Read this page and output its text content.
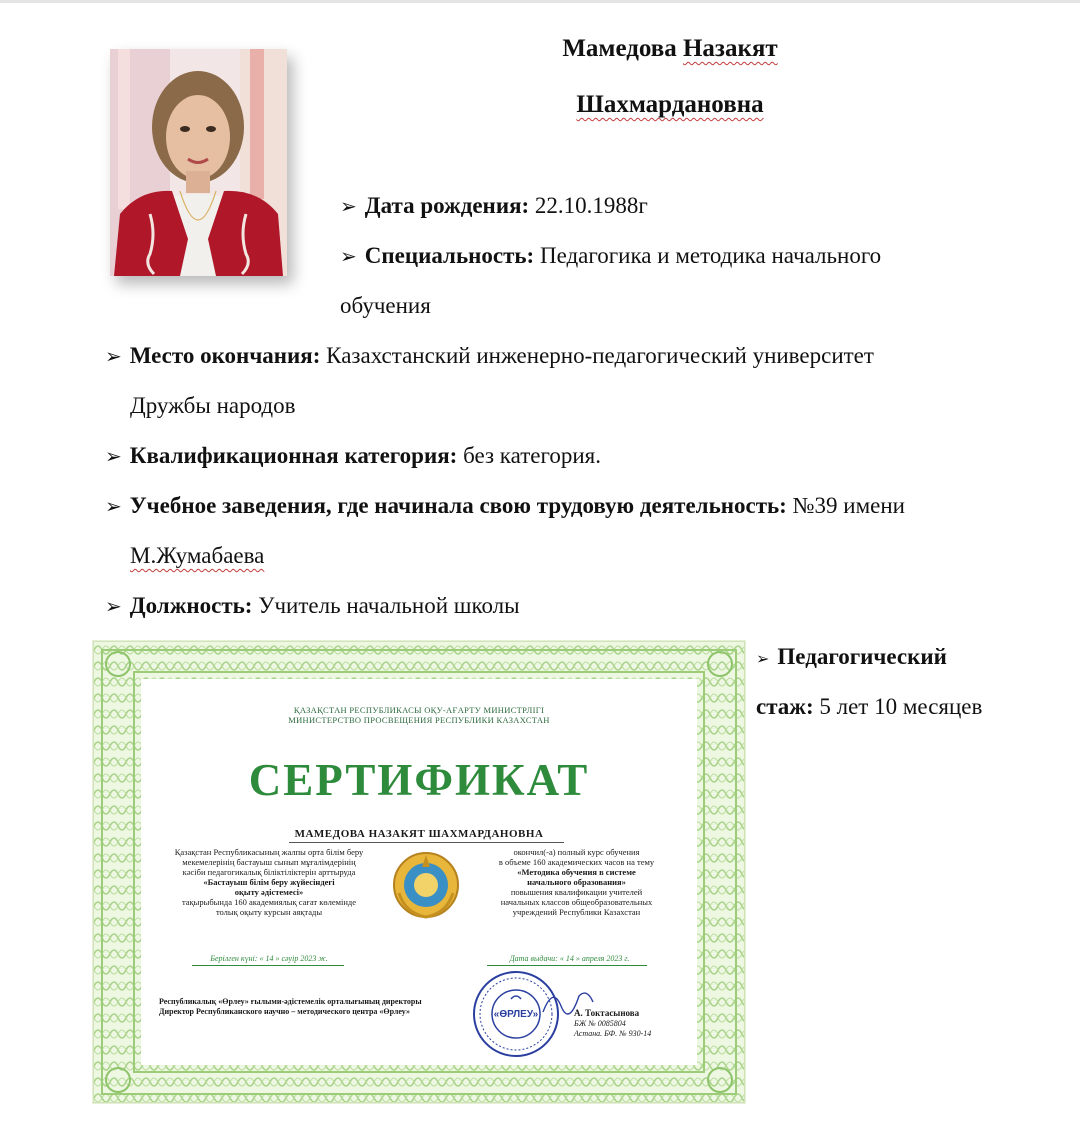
Мамедова Назакят
Шахмардановна
➢ Дата рождения: 22.10.1988г
➢ Специальность: Педагогика и методика начального
обучения
➢ Место окончания: Казахстанский инженерно-педагогический университет
Дружбы народов
➢ Квалификационная категория: без категория.
➢ Учебное заведения, где начинала свою трудовую деятельность: №39 имени
М.Жумабаева
➢ Должность: Учитель начальной школы
➢ Педагогический
стаж: 5 лет 10 месяцев
ҚАЗАҚСТАН РЕСПУБЛИКАСЫ ОҚУ-АҒАРТУ МИНИСТРЛІГІ
МИНИСТЕРСТВО ПРОСВЕЩЕНИЯ РЕСПУБЛИКИ КАЗАХСТАН
СЕРТИФИКАТ
МАМЕДОВА НАЗАКЯТ ШАХМАРДАНОВНА
Қазақстан Республикасының жалпы орта білім беру
мекемелерінің бастауыш сынып мұғалімдерінің
кәсіби педагогикалық біліктіліктерін арттыруда
«Бастауыш білім беру жүйесіндегі
оқыту әдістемесі»
тақырыбында 160 академиялық сағат көлемінде
толық оқыту курсын аяқтады
окончил(-а) полный курс обучения
в объеме 160 академических часов на тему
«Методика обучения в системе
начального образования»
повышения квалификации учителей
начальных классов общеобразовательных
учреждений Республики Казахстан
Берілген күні: « 14 » сәуір 2023 ж.	Дата выдачи: « 14 » апреля 2023 г.
Республикалық «Өрлеу» ғылыми-әдістемелік орталығының директоры
Директор Республиканского научно – методического центра «Өрлеу»	«ӨРЛЕУ»	А. Токтасынова
БЖ № 0085804
Астана. БФ. № 930-14
